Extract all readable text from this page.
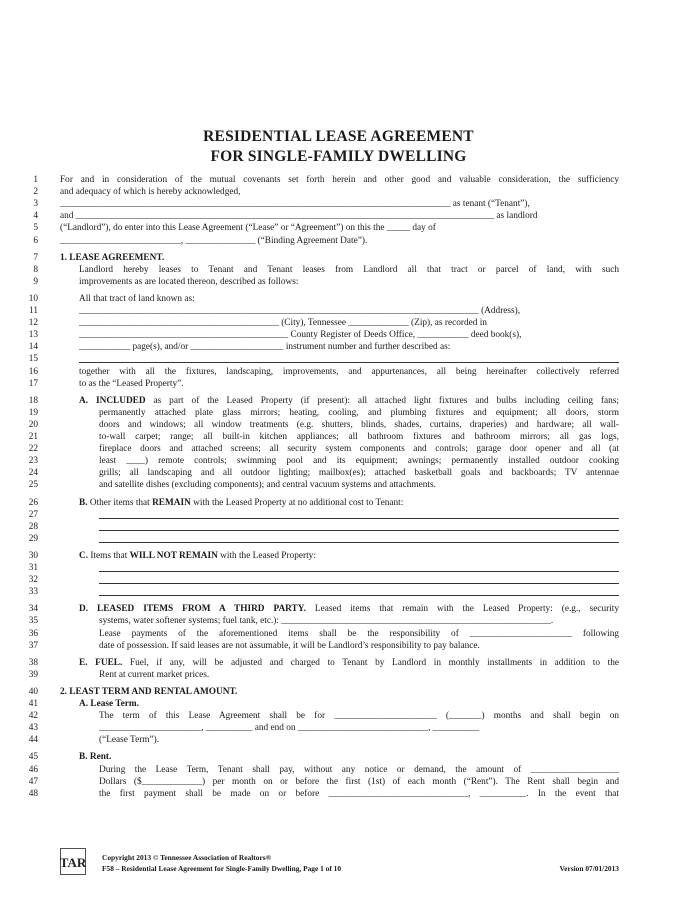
RESIDENTIAL LEASE AGREEMENT
FOR SINGLE-FAMILY DWELLING
1 For and in consideration of the mutual covenants set forth herein and other good and valuable consideration, the sufficiency
2 and adequacy of which is hereby acknowledged,
3 ____________________________________________________________________________________ as tenant (“Tenant”),
4 and __________________________________________________________________________________________ as landlord
5 (“Landlord”), do enter into this Lease Agreement (“Lease” or “Agreement”) on this the _____ day of
6 __________________________, _______________ (“Binding Agreement Date”).
7 1. LEASE AGREEMENT.
8	Landlord hereby leases to Tenant and Tenant leases from Landlord all that tract or parcel of land, with such
9	improvements as are located thereon, described as follows:
10	All that tract of land known as:
11	______________________________________________________________________________________ (Address),
12	___________________________________________ (City), Tennessee _____________ (Zip), as recorded in
13	_____________________________________________ County Register of Deeds Office, ___________ deed book(s),
14	___________ page(s), and/or ____________________ instrument number and further described as:
15
16	together with all the fixtures, landscaping, improvements, and appurtenances, all being hereinafter collectively referred
17	to as the “Leased Property”.
18	A. INCLUDED as part of the Leased Property (if present): all attached light fixtures and bulbs including ceiling fans;
19	permanently attached plate glass mirrors; heating, cooling, and plumbing fixtures and equipment; all doors, storm
20	doors and windows; all window treatments (e.g. shutters, blinds, shades, curtains, draperies) and hardware; all wall-
21	to-wall carpet; range; all built-in kitchen appliances; all bathroom fixtures and bathroom mirrors; all gas logs,
22	fireplace doors and attached screens; all security system components and controls; garage door opener and all (at
23	least ____) remote controls; swimming pool and its equipment; awnings; permanently installed outdoor cooking
24	grills; all landscaping and all outdoor lighting; mailbox(es); attached basketball goals and backboards; TV antennae
25	and satellite dishes (excluding components); and central vacuum systems and attachments.
26	B. Other items that REMAIN with the Leased Property at no additional cost to Tenant:
27
28
29
30	C. Items that WILL NOT REMAIN with the Leased Property:
31
32
33
34	D. LEASED ITEMS FROM A THIRD PARTY. Leased items that remain with the Leased Property: (e.g., security
35	systems, water softener systems; fuel tank, etc.): __________________________________________________________.
36	Lease payments of the aforementioned items shall be the responsibility of ______________________ following
37	date of possession. If said leases are not assumable, it will be Landlord’s responsibility to pay balance.
38	E. FUEL. Fuel, if any, will be adjusted and charged to Tenant by Landlord in monthly installments in addition to the
39	Rent at current market prices.
40 2. LEAST TERM AND RENTAL AMOUNT.
41	A. Lease Term.
42	The term of this Lease Agreement shall be for ______________________ (_______) months and shall begin on
43	______________________, __________ and end on ____________________________, __________
44	(“Lease Term”).
45	B. Rent.
46	During the Lease Term, Tenant shall pay, without any notice or demand, the amount of ___________________
47	Dollars ($_____________) per month on or before the first (1st) of each month (“Rent”). The Rent shall begin and
48	the first payment shall be made on or before ______________________________, __________. In the event that
TAR Copyright 2013 © Tennessee Association of Realtors®
F58 – Residential Lease Agreement for Single-Family Dwelling, Page 1 of 10	Version 07/01/2013
